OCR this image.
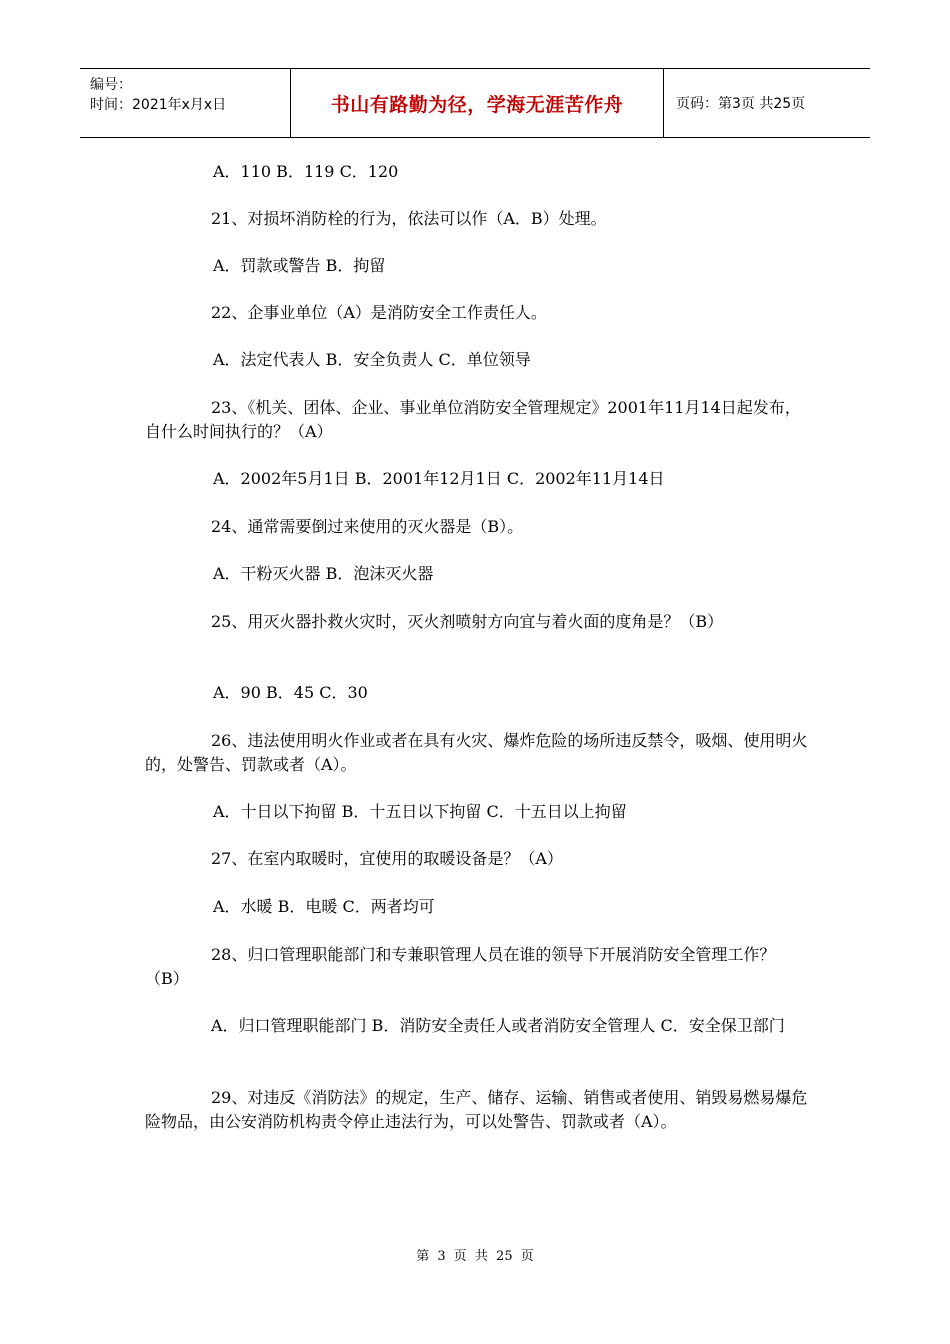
编号：
时间：2021年x月x日	书山有路勤为径，学海无涯苦作舟	页码：第3页 共25页

A．110 B．119 C．120

21、对损坏消防栓的行为，依法可以作（A．B）处理。

A．罚款或警告 B．拘留

22、企事业单位（A）是消防安全工作责任人。

A．法定代表人 B．安全负责人 C．单位领导

23、《机关、团体、企业、事业单位消防安全管理规定》2001年11月14日起发布，自什么时间执行的？（A）

A．2002年5月1日 B．2001年12月1日 C．2002年11月14日

24、通常需要倒过来使用的灭火器是（B）。

A．干粉灭火器 B．泡沫灭火器

25、用灭火器扑救火灾时，灭火剂喷射方向宜与着火面的度角是？（B）

A．90 B．45 C．30

26、违法使用明火作业或者在具有火灾、爆炸危险的场所违反禁令，吸烟、使用明火的，处警告、罚款或者（A）。

A．十日以下拘留 B．十五日以下拘留 C．十五日以上拘留

27、在室内取暖时，宜使用的取暖设备是？（A）

A．水暖 B．电暖 C．两者均可

28、归口管理职能部门和专兼职管理人员在谁的领导下开展消防安全管理工作？（B）

A．归口管理职能部门 B．消防安全责任人或者消防安全管理人 C．安全保卫部门

29、对违反《消防法》的规定，生产、储存、运输、销售或者使用、销毁易燃易爆危险物品，由公安消防机构责令停止违法行为，可以处警告、罚款或者（A）。

第 3 页 共 25 页
